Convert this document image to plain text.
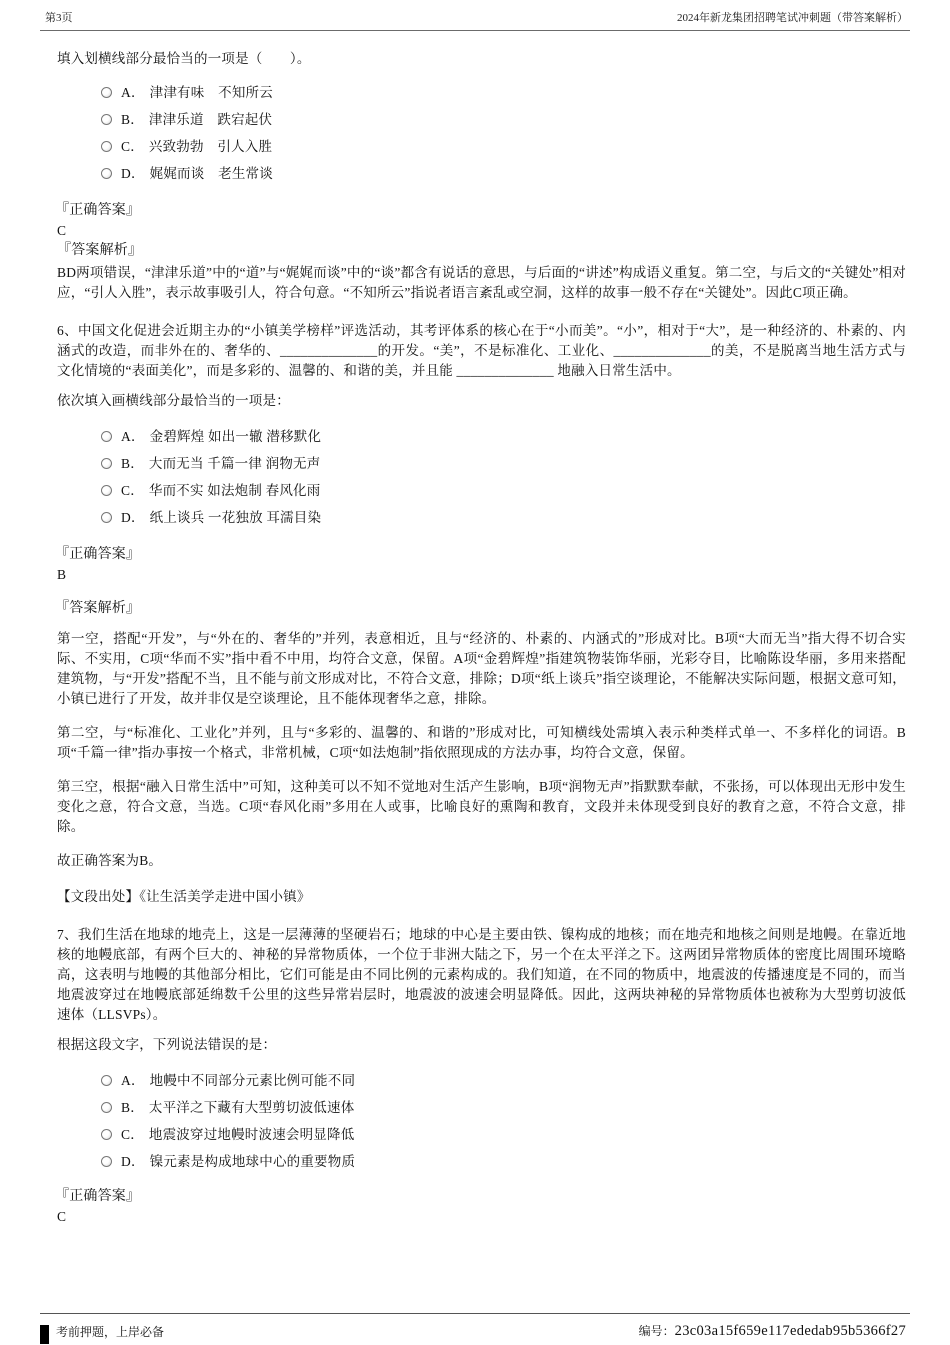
第3页	2024年新龙集团招聘笔试冲刺题（带答案解析）

填入划横线部分最恰当的一项是（　　）。

A． 津津有味　不知所云
B． 津津乐道　跌宕起伏
C． 兴致勃勃　引人入胜
D． 娓娓而谈　老生常谈

『正确答案』

C

『答案解析』

BD两项错误，“津津乐道”中的“道”与“娓娓而谈”中的“谈”都含有说话的意思，与后面的“讲述”构成语义重复。第二空，与后文的“关键处”相对应，“引人入胜”，表示故事吸引人，符合句意。“不知所云”指说者语言紊乱或空洞，这样的故事一般不存在“关键处”。因此C项正确。

6、中国文化促进会近期主办的“小镇美学榜样”评选活动，其考评体系的核心在于“小而美”。“小”，相对于“大”，是一种经济的、朴素的、内涵式的改造，而非外在的、奢华的、______________的开发。“美”，不是标准化、工业化、______________的美，不是脱离当地生活方式与文化情境的“表面美化”，而是多彩的、温馨的、和谐的美，并且能 ______________ 地融入日常生活中。

依次填入画横线部分最恰当的一项是：

A． 金碧辉煌 如出一辙 潜移默化
B． 大而无当 千篇一律 润物无声
C． 华而不实 如法炮制 春风化雨
D． 纸上谈兵 一花独放 耳濡目染

『正确答案』

B

『答案解析』

第一空，搭配“开发”，与“外在的、奢华的”并列，表意相近，且与“经济的、朴素的、内涵式的”形成对比。B项“大而无当”指大得不切合实际、不实用，C项“华而不实”指中看不中用，均符合文意，保留。A项“金碧辉煌”指建筑物装饰华丽，光彩夺目，比喻陈设华丽，多用来搭配建筑物，与“开发”搭配不当，且不能与前文形成对比，不符合文意，排除；D项“纸上谈兵”指空谈理论，不能解决实际问题，根据文意可知，小镇已进行了开发，故并非仅是空谈理论，且不能体现奢华之意，排除。

第二空，与“标准化、工业化”并列，且与“多彩的、温馨的、和谐的”形成对比，可知横线处需填入表示种类样式单一、不多样化的词语。B项“千篇一律”指办事按一个格式，非常机械，C项“如法炮制”指依照现成的方法办事，均符合文意，保留。

第三空，根据“融入日常生活中”可知，这种美可以不知不觉地对生活产生影响，B项“润物无声”指默默奉献，不张扬，可以体现出无形中发生变化之意，符合文意，当选。C项“春风化雨”多用在人或事，比喻良好的熏陶和教育，文段并未体现受到良好的教育之意，不符合文意，排除。

故正确答案为B。

【文段出处】《让生活美学走进中国小镇》

7、我们生活在地球的地壳上，这是一层薄薄的坚硬岩石；地球的中心是主要由铁、镍构成的地核；而在地壳和地核之间则是地幔。在靠近地核的地幔底部，有两个巨大的、神秘的异常物质体，一个位于非洲大陆之下，另一个在太平洋之下。这两团异常物质体的密度比周围环境略高，这表明与地幔的其他部分相比，它们可能是由不同比例的元素构成的。我们知道，在不同的物质中，地震波的传播速度是不同的，而当地震波穿过在地幔底部延绵数千公里的这些异常岩层时，地震波的波速会明显降低。因此，这两块神秘的异常物质体也被称为大型剪切波低速体（LLSVPs）。

根据这段文字，下列说法错误的是：

A． 地幔中不同部分元素比例可能不同
B． 太平洋之下藏有大型剪切波低速体
C． 地震波穿过地幔时波速会明显降低
D． 镍元素是构成地球中心的重要物质

『正确答案』

C

考前押题，上岸必备	编号：23c03a15f659e117ededab95b5366f27
